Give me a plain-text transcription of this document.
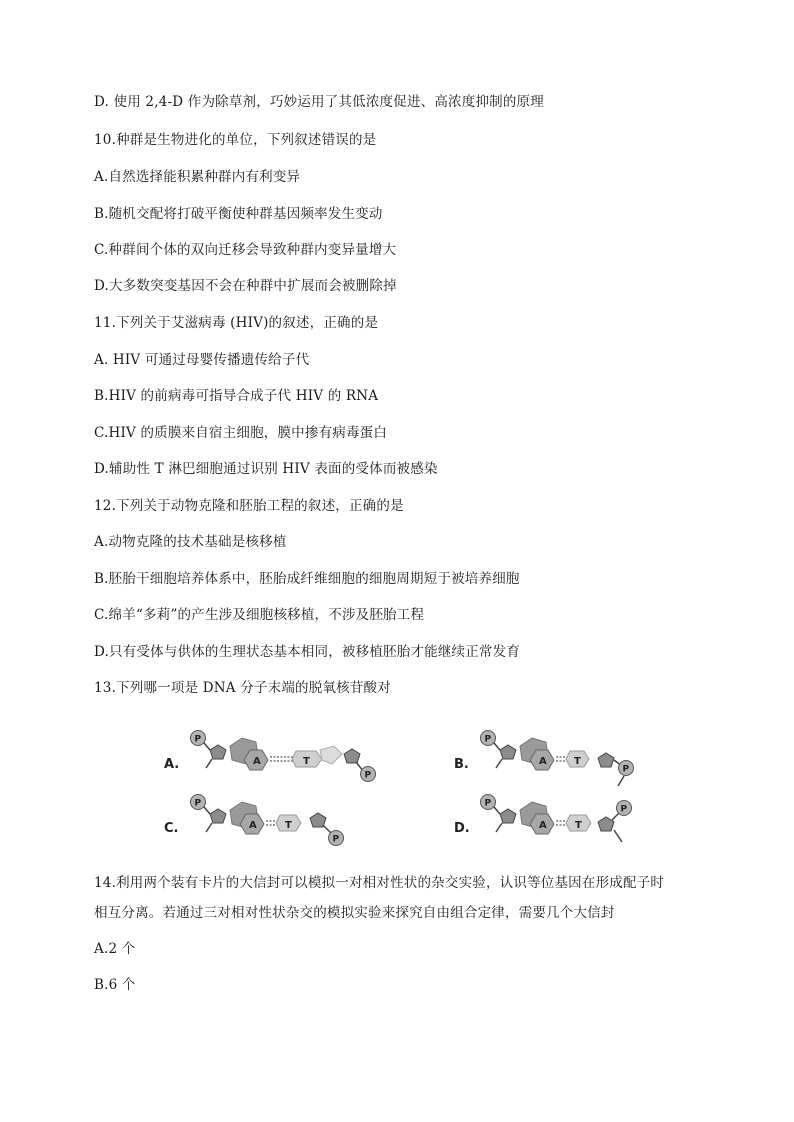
D. 使用 2,4-D 作为除草剂，巧妙运用了其低浓度促进、高浓度抑制的原理
10.种群是生物进化的单位，下列叙述错误的是
A.自然选择能积累种群内有利变异
B.随机交配将打破平衡使种群基因频率发生变动
C.种群间个体的双向迁移会导致种群内变异量增大
D.大多数突变基因不会在种群中扩展而会被删除掉
11.下列关于艾滋病毒 (HIV)的叙述，正确的是
A. HIV 可通过母婴传播遗传给子代
B.HIV 的前病毒可指导合成子代 HIV 的 RNA
C.HIV 的质膜来自宿主细胞，膜中掺有病毒蛋白
D.辅助性 T 淋巴细胞通过识别 HIV 表面的受体而被感染
12.下列关于动物克隆和胚胎工程的叙述，正确的是
A.动物克隆的技术基础是核移植
B.胚胎干细胞培养体系中，胚胎成纤维细胞的细胞周期短于被培养细胞
C.绵羊“多莉”的产生涉及细胞核移植，不涉及胚胎工程
D.只有受体与供体的生理状态基本相同，被移植胚胎才能继续正常发育
13.下列哪一项是 DNA 分子末端的脱氧核苷酸对
A.
P
A	T
P
B.
P
A	T
P
C.
P
A	T
P
D.
P
A	T
P
14.利用两个装有卡片的大信封可以模拟一对相对性状的杂交实验，认识等位基因在形成配子时
相互分离。若通过三对相对性状杂交的模拟实验来探究自由组合定律，需要几个大信封
A.2 个
B.6 个
